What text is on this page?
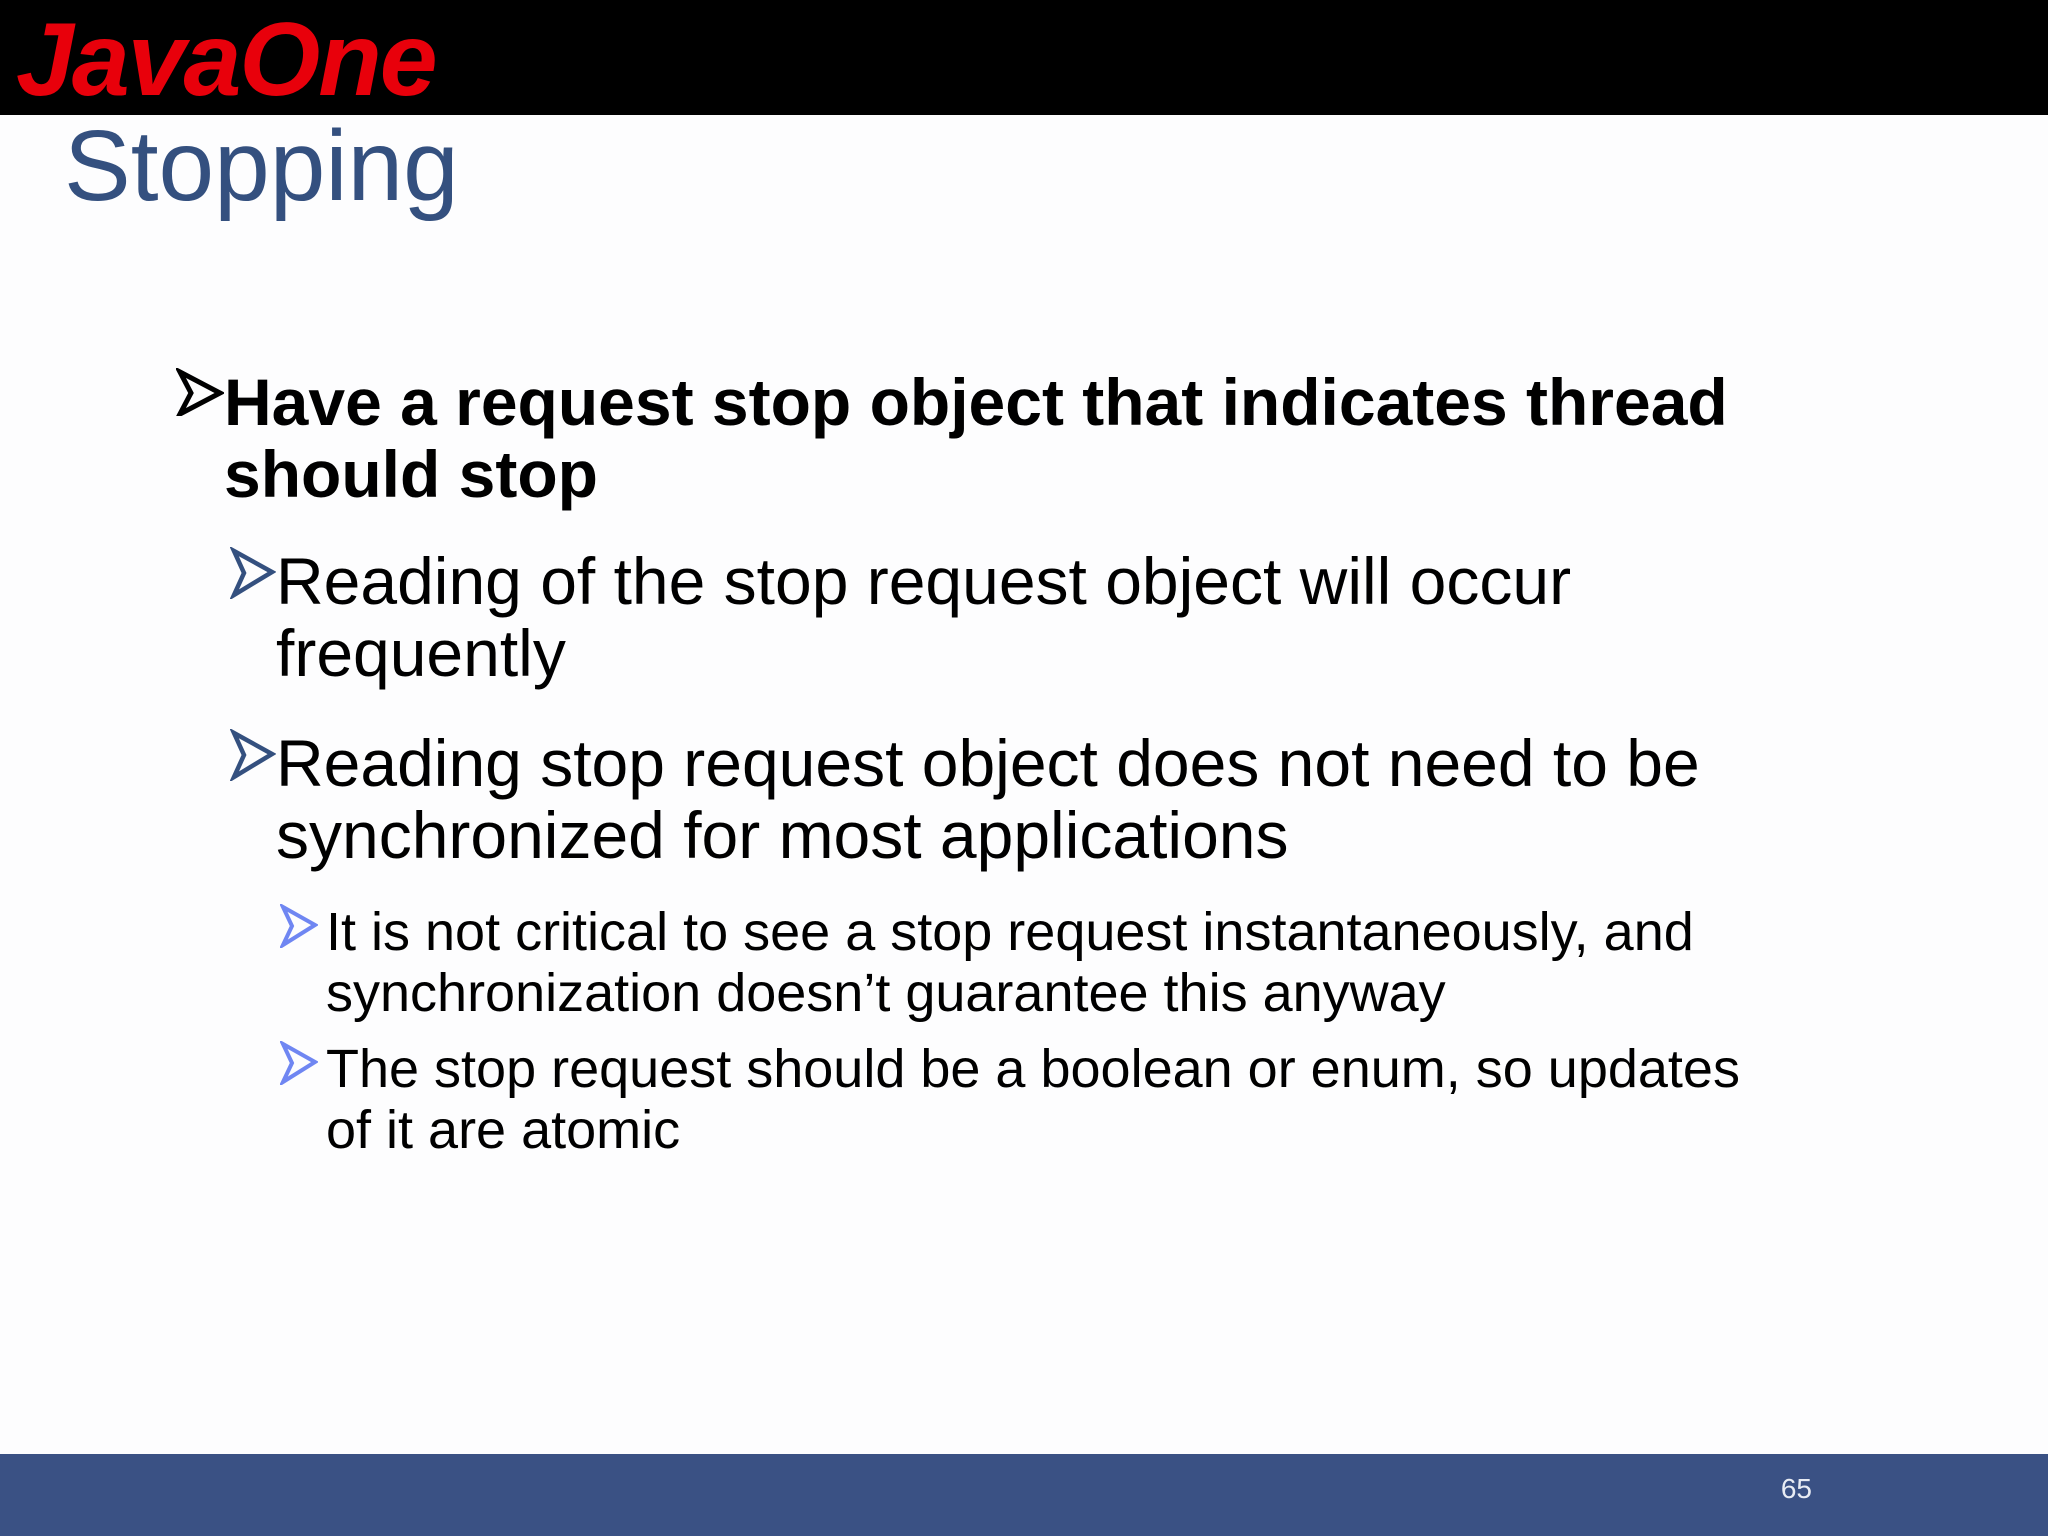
JavaOne
Stopping
Have a request stop object that indicates thread
should stop
Reading of the stop request object will occur
frequently
Reading stop request object does not need to be
synchronized for most applications
It is not critical to see a stop request instantaneously, and
synchronization doesn’t guarantee this anyway
The stop request should be a boolean or enum, so updates
of it are atomic
65
